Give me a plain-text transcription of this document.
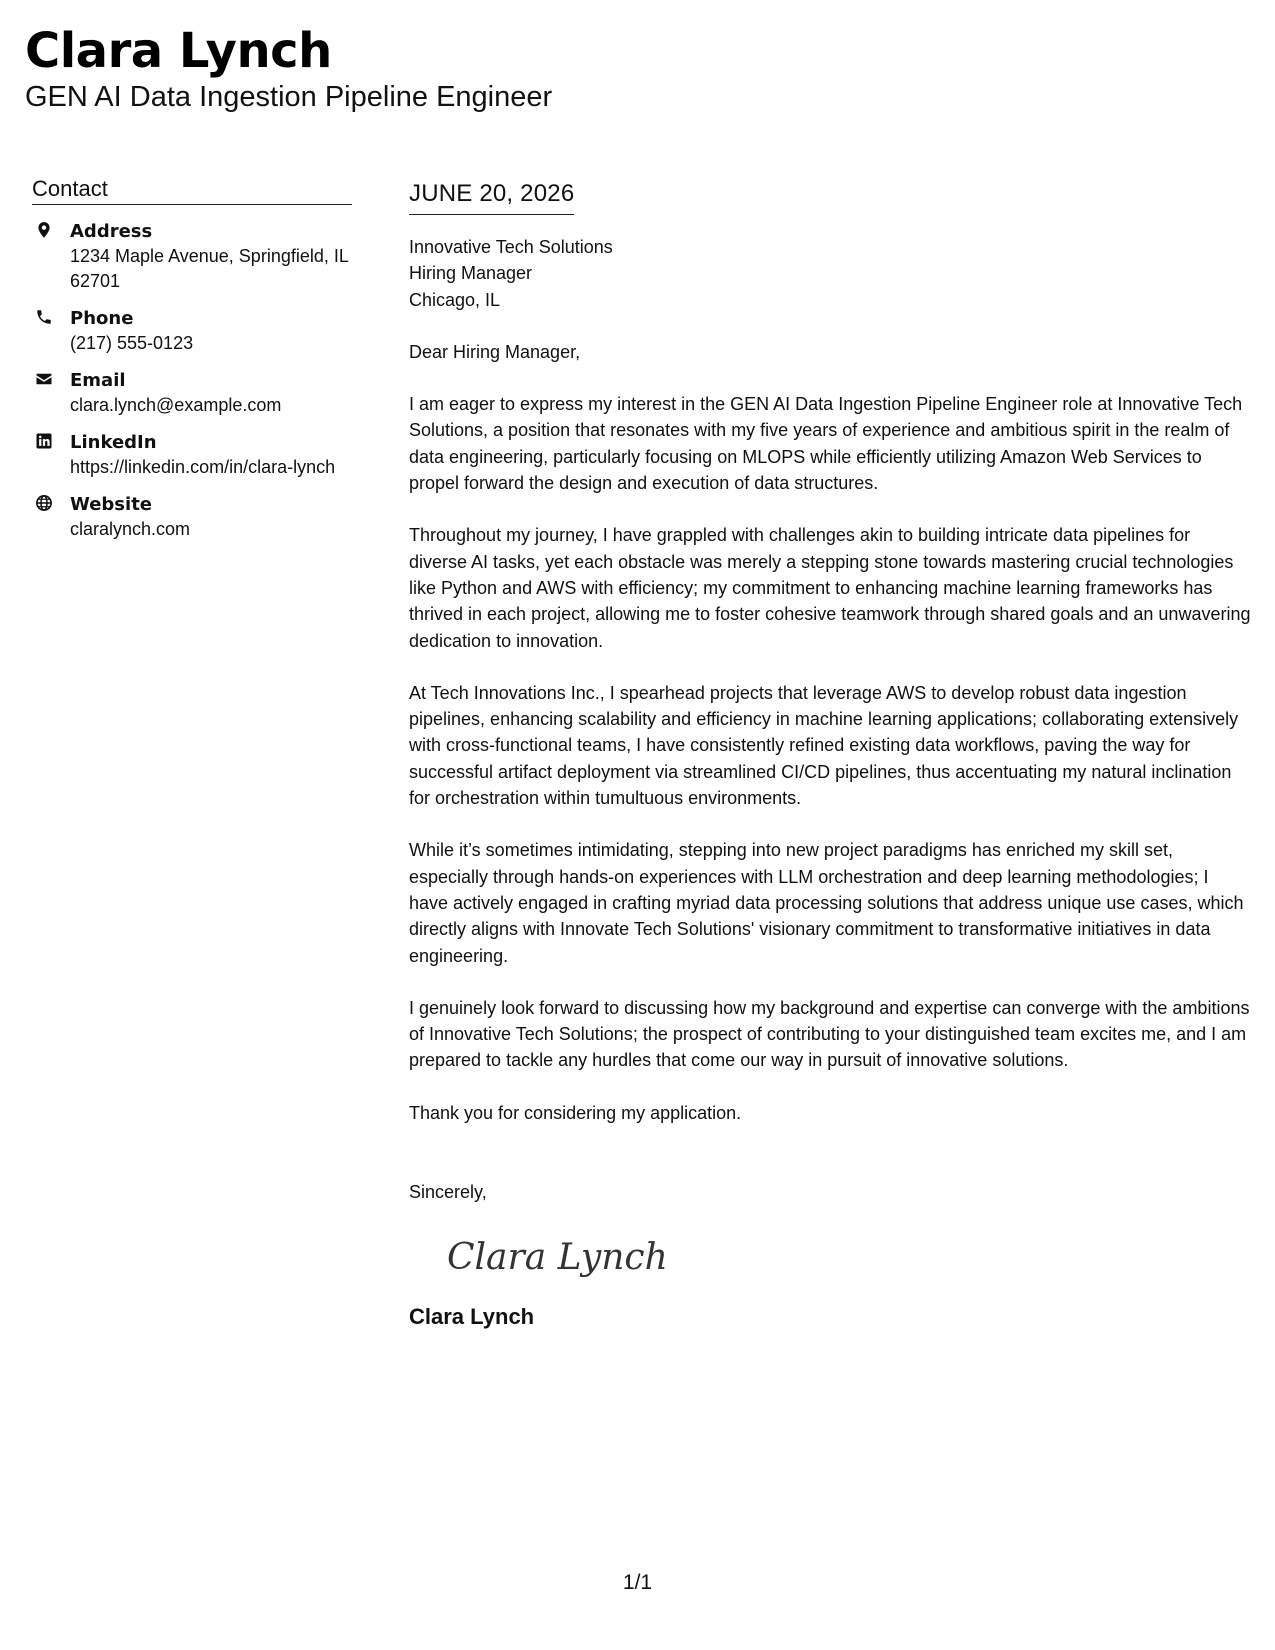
Clara Lynch
GEN AI Data Ingestion Pipeline Engineer
Contact
Address
1234 Maple Avenue, Springfield, IL 62701
Phone
(217) 555-0123
Email
clara.lynch@example.com
LinkedIn
https://linkedin.com/in/clara-lynch
Website
claralynch.com
JUNE 20, 2026
Innovative Tech Solutions
Hiring Manager
Chicago, IL
Dear Hiring Manager,

I am eager to express my interest in the GEN AI Data Ingestion Pipeline Engineer role at Innovative Tech Solutions, a position that resonates with my five years of experience and ambitious spirit in the realm of data engineering, particularly focusing on MLOPS while efficiently utilizing Amazon Web Services to propel forward the design and execution of data structures.

Throughout my journey, I have grappled with challenges akin to building intricate data pipelines for diverse AI tasks, yet each obstacle was merely a stepping stone towards mastering crucial technologies like Python and AWS with efficiency; my commitment to enhancing machine learning frameworks has thrived in each project, allowing me to foster cohesive teamwork through shared goals and an unwavering dedication to innovation.

At Tech Innovations Inc., I spearhead projects that leverage AWS to develop robust data ingestion pipelines, enhancing scalability and efficiency in machine learning applications; collaborating extensively with cross-functional teams, I have consistently refined existing data workflows, paving the way for successful artifact deployment via streamlined CI/CD pipelines, thus accentuating my natural inclination for orchestration within tumultuous environments.

While it’s sometimes intimidating, stepping into new project paradigms has enriched my skill set, especially through hands-on experiences with LLM orchestration and deep learning methodologies; I have actively engaged in crafting myriad data processing solutions that address unique use cases, which directly aligns with Innovate Tech Solutions' visionary commitment to transformative initiatives in data engineering.

I genuinely look forward to discussing how my background and expertise can converge with the ambitions of Innovative Tech Solutions; the prospect of contributing to your distinguished team excites me, and I am prepared to tackle any hurdles that come our way in pursuit of innovative solutions.

Thank you for considering my application.

Sincerely,
Clara Lynch
Clara Lynch
1/1
